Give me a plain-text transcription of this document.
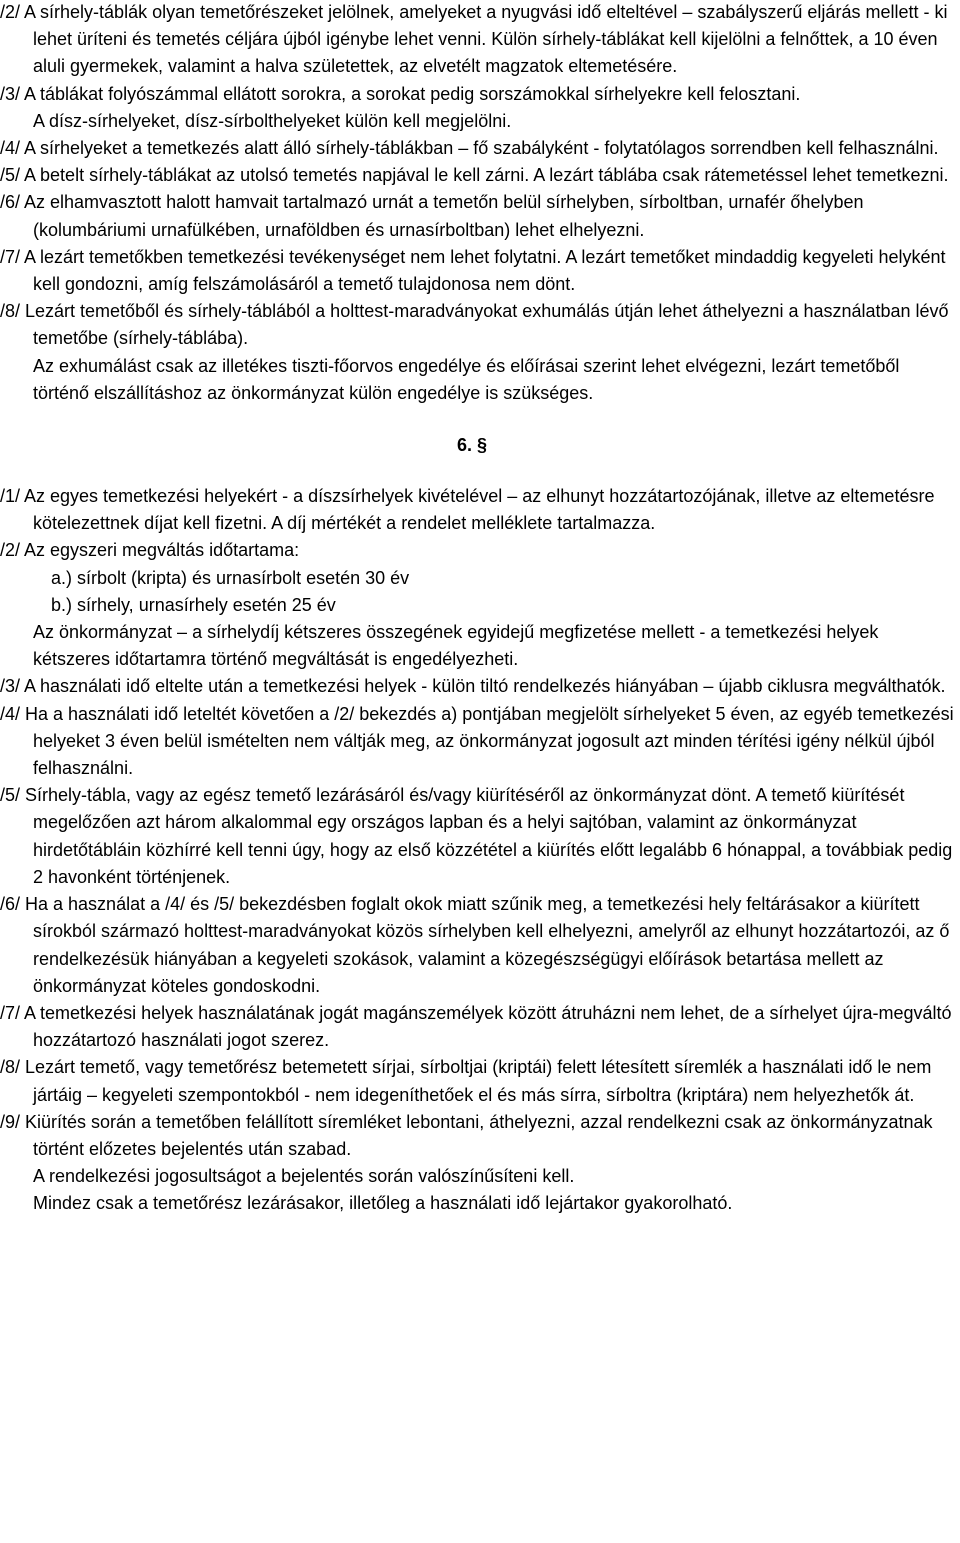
/2/ A sírhely-táblák olyan temetőrészeket jelölnek, amelyeket a nyugvási idő elteltével – szabályszerű eljárás mellett - ki lehet üríteni és temetés céljára újból igénybe lehet venni. Külön sírhely-táblákat kell kijelölni a felnőttek, a 10 éven aluli gyermekek, valamint a halva születettek, az elvetélt magzatok eltemetésére.

/3/ A táblákat folyószámmal ellátott sorokra, a sorokat pedig sorszámokkal sírhelyekre kell felosztani.

A dísz-sírhelyeket, dísz-sírbolthelyeket külön kell megjelölni.

/4/ A sírhelyeket a temetkezés alatt álló sírhely-táblákban – fő szabályként - folytatólagos sorrendben kell felhasználni.

/5/ A betelt sírhely-táblákat az utolsó temetés napjával le kell zárni. A lezárt táblába csak rátemetéssel lehet temetkezni.

/6/ Az elhamvasztott halott hamvait tartalmazó urnát a temetőn belül sírhelyben, sírboltban, urnafér őhelyben (kolumbáriumi urnafülkében, urnaföldben és urnasírboltban) lehet elhelyezni.

/7/ A lezárt temetőkben temetkezési tevékenységet nem lehet folytatni. A lezárt temetőket mindaddig kegyeleti helyként kell gondozni, amíg felszámolásáról a temető tulajdonosa nem dönt.

/8/ Lezárt temetőből és sírhely-táblából a holttest-maradványokat exhumálás útján lehet áthelyezni a használatban lévő temetőbe (sírhely-táblába).

Az exhumálást csak az illetékes tiszti-főorvos engedélye és előírásai szerint lehet elvégezni, lezárt temetőből történő elszállításhoz az önkormányzat külön engedélye is szükséges.

6. §

/1/ Az egyes temetkezési helyekért - a díszsírhelyek kivételével – az elhunyt hozzátartozójának, illetve az eltemetésre kötelezettnek díjat kell fizetni. A díj mértékét a rendelet melléklete tartalmazza.

/2/ Az egyszeri megváltás időtartama:

a.) sírbolt (kripta) és urnasírbolt esetén 30 év

b.) sírhely, urnasírhely esetén 25 év

Az önkormányzat – a sírhelydíj kétszeres összegének egyidejű megfizetése mellett - a temetkezési helyek kétszeres időtartamra történő megváltását is engedélyezheti.

/3/ A használati idő eltelte után a temetkezési helyek - külön tiltó rendelkezés hiányában – újabb ciklusra megválthatók.

/4/ Ha a használati idő leteltét követően a /2/ bekezdés a) pontjában megjelölt sírhelyeket 5 éven, az egyéb temetkezési helyeket 3 éven belül ismételten nem váltják meg, az önkormányzat jogosult azt minden térítési igény nélkül újból felhasználni.

/5/ Sírhely-tábla, vagy az egész temető lezárásáról és/vagy kiürítéséről az önkormányzat dönt. A temető kiürítését megelőzően azt három alkalommal egy országos lapban és a helyi sajtóban, valamint az önkormányzat hirdetőtábláin közhírré kell tenni úgy, hogy az első közzététel a kiürítés előtt legalább 6 hónappal, a továbbiak pedig 2 havonként történjenek.

/6/ Ha a használat a /4/ és /5/ bekezdésben foglalt okok miatt szűnik meg, a temetkezési hely feltárásakor a kiürített sírokból származó holttest-maradványokat közös sírhelyben kell elhelyezni, amelyről az elhunyt hozzátartozói, az ő rendelkezésük hiányában a kegyeleti szokások, valamint a közegészségügyi előírások betartása mellett az önkormányzat köteles gondoskodni.

/7/ A temetkezési helyek használatának jogát magánszemélyek között átruházni nem lehet, de a sírhelyet újra-megváltó hozzátartozó használati jogot szerez.

/8/ Lezárt temető, vagy temetőrész betemetett sírjai, sírboltjai (kriptái) felett létesített síremlék a használati idő le nem jártáig – kegyeleti szempontokból - nem idegeníthetőek el és más sírra, sírboltra (kriptára) nem helyezhetők át.

/9/ Kiürítés során a temetőben felállított síremléket lebontani, áthelyezni, azzal rendelkezni csak az önkormányzatnak történt előzetes bejelentés után szabad.

A rendelkezési jogosultságot a bejelentés során valószínűsíteni kell.

Mindez csak a temetőrész lezárásakor, illetőleg a használati idő lejártakor gyakorolható.
